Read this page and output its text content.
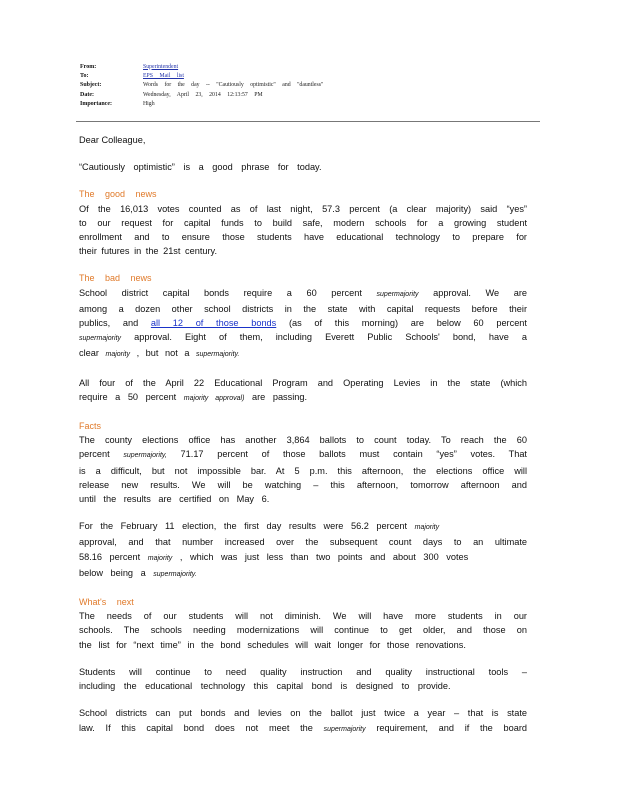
From:	Superintendent
To:	EPS Mail list
Subject:	Words for the day -- "Cautiously optimistic" and "dauntless"
Date:	Wednesday, April 23, 2014 12:13:57 PM
Importance:	High

Dear Colleague,

“Cautiously optimistic” is a good phrase for today.

The good news

Of the 16,013 votes counted as of last night, 57.3 percent (a clear majority) said “yes”

to our request for capital funds to build safe, modern schools for a growing student

enrollment and to ensure those students have educational technology to prepare for

their futures in the 21st century.

The bad news

School district capital bonds require a 60 percent supermajority approval. We are

among a dozen other school districts in the state with capital requests before their

publics, and all 12 of those bonds (as of this morning) are below 60 percent

supermajority approval. Eight of them, including Everett Public Schools' bond, have a

clear majority , but not a supermajority.

All four of the April 22 Educational Program and Operating Levies in the state (which

require a 50 percent majority approval) are passing.

Facts

The county elections office has another 3,864 ballots to count today. To reach the 60

percent supermajority, 71.17 percent of those ballots must contain “yes” votes. That

is a difficult, but not impossible bar. At 5 p.m. this afternoon, the elections office will

release new results. We will be watching – this afternoon, tomorrow afternoon and

until the results are certified on May 6.

For the February 11 election, the first day results were 56.2 percent majority

approval, and that number increased over the subsequent count days to an ultimate

58.16 percent majority , which was just less than two points and about 300 votes

below being a supermajority.

What's next

The needs of our students will not diminish. We will have more students in our

schools. The schools needing modernizations will continue to get older, and those on

the list for “next time” in the bond schedules will wait longer for those renovations.

Students will continue to need quality instruction and quality instructional tools –

including the educational technology this capital bond is designed to provide.

School districts can put bonds and levies on the ballot just twice a year – that is state

law. If this capital bond does not meet the supermajority requirement, and if the board
